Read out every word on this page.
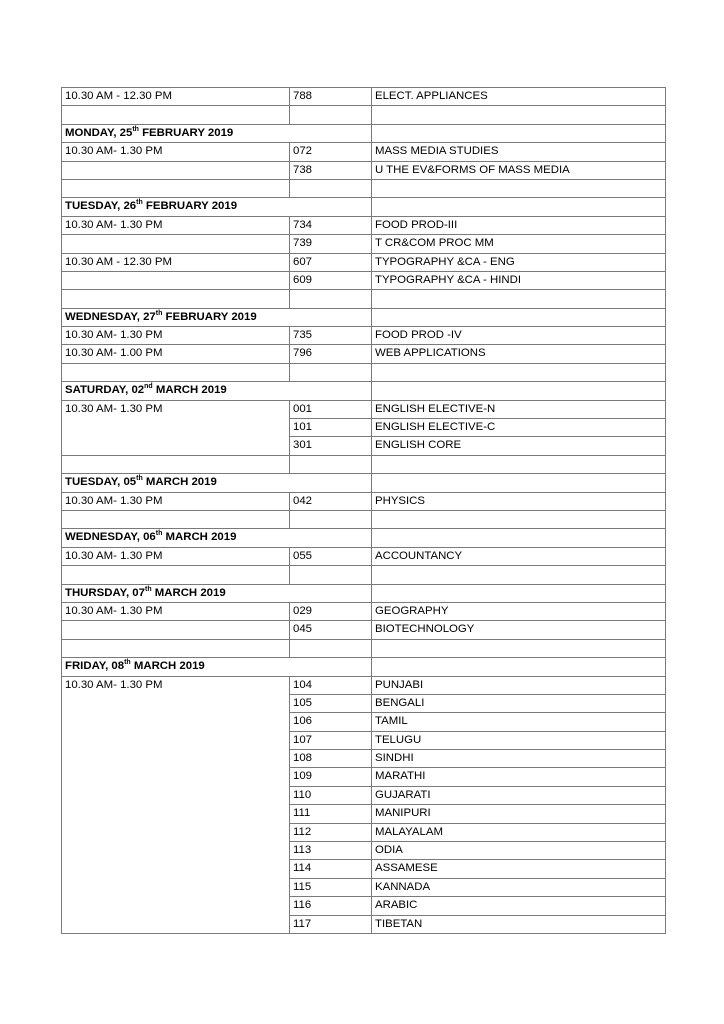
10.30 AM - 12.30 PM	788	ELECT. APPLIANCES

MONDAY, 25th FEBRUARY 2019		
10.30 AM- 1.30 PM	072	MASS MEDIA STUDIES
	738	U THE EV&FORMS OF MASS MEDIA

TUESDAY, 26th FEBRUARY 2019		
10.30 AM- 1.30 PM	734	FOOD PROD-III
	739	T CR&COM PROC MM
10.30 AM - 12.30 PM	607	TYPOGRAPHY &CA - ENG
	609	TYPOGRAPHY &CA - HINDI

WEDNESDAY, 27th FEBRUARY 2019		
10.30 AM- 1.30 PM	735	FOOD PROD -IV
10.30 AM- 1.00 PM	796	WEB APPLICATIONS

SATURDAY, 02nd MARCH 2019		
10.30 AM- 1.30 PM	001	ENGLISH ELECTIVE-N
	101	ENGLISH ELECTIVE-C
	301	ENGLISH CORE

TUESDAY, 05th MARCH 2019		
10.30 AM- 1.30 PM	042	PHYSICS

WEDNESDAY, 06th MARCH 2019		
10.30 AM- 1.30 PM	055	ACCOUNTANCY

THURSDAY, 07th MARCH 2019		
10.30 AM- 1.30 PM	029	GEOGRAPHY
	045	BIOTECHNOLOGY

FRIDAY, 08th MARCH 2019		
10.30 AM- 1.30 PM	104	PUNJABI
	105	BENGALI
	106	TAMIL
	107	TELUGU
	108	SINDHI
	109	MARATHI
	110	GUJARATI
	111	MANIPURI
	112	MALAYALAM
	113	ODIA
	114	ASSAMESE
	115	KANNADA
	116	ARABIC
	117	TIBETAN
